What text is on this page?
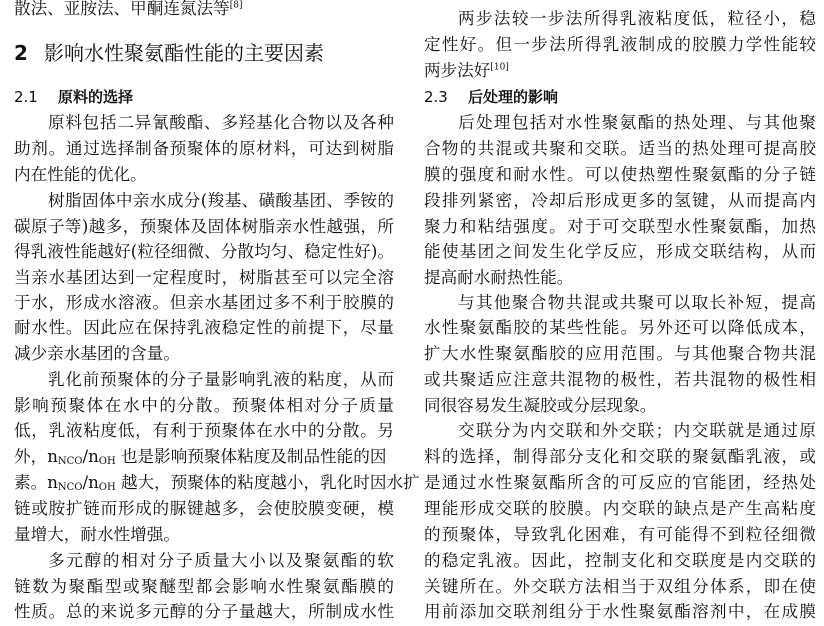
散法、亚胺法、甲酮连氮法等[8]
2 影响水性聚氨酯性能的主要因素
2.1 原料的选择
原料包括二异氰酸酯、多羟基化合物以及各种
助剂。通过选择制备预聚体的原材料，可达到树脂
内在性能的优化。
树脂固体中亲水成分(羧基、磺酸基团、季铵的
碳原子等)越多，预聚体及固体树脂亲水性越强，所
得乳液性能越好(粒径细微、分散均匀、稳定性好)。
当亲水基团达到一定程度时，树脂甚至可以完全溶
于水，形成水溶液。但亲水基团过多不利于胶膜的
耐水性。因此应在保持乳液稳定性的前提下，尽量
减少亲水基团的含量。
乳化前预聚体的分子量影响乳液的粘度，从而
影响预聚体在水中的分散。预聚体相对分子质量
低，乳液粘度低，有利于预聚体在水中的分散。另
外，$n_{NCO}/n_{OH}$ 也是影响预聚体粘度及制品性能的因
素。$n_{NCO}/n_{OH}$ 越大，预聚体的粘度越小，乳化时因水扩
链或胺扩链而形成的脲键越多，会使胶膜变硬，模
量增大，耐水性增强。
多元醇的相对分子质量大小以及聚氨酯的软
链数为聚酯型或聚醚型都会影响水性聚氨酯膜的
性质。总的来说多元醇的分子量越大，所制成水性
两步法较一步法所得乳液粘度低，粒径小，稳
定性好。但一步法所得乳液制成的胶膜力学性能较
两步法好[10]
2.3 后处理的影响
后处理包括对水性聚氨酯的热处理、与其他聚
合物的共混或共聚和交联。适当的热处理可提高胶
膜的强度和耐水性。可以使热塑性聚氨酯的分子链
段排列紧密，冷却后形成更多的氢键，从而提高内
聚力和粘结强度。对于可交联型水性聚氨酯，加热
能使基团之间发生化学反应，形成交联结构，从而
提高耐水耐热性能。
与其他聚合物共混或共聚可以取长补短，提高
水性聚氨酯胶的某些性能。另外还可以降低成本，
扩大水性聚氨酯胶的应用范围。与其他聚合物共混
或共聚适应注意共混物的极性，若共混物的极性相
同很容易发生凝胶或分层现象。
交联分为内交联和外交联；内交联就是通过原
料的选择，制得部分支化和交联的聚氨酯乳液，或
是通过水性聚氨酯所含的可反应的官能团，经热处
理能形成交联的胶膜。内交联的缺点是产生高粘度
的预聚体，导致乳化困难，有可能得不到粒径细微
的稳定乳液。因此，控制支化和交联度是内交联的
关键所在。外交联方法相当于双组分体系，即在使
用前添加交联剂组分于水性聚氨酯溶剂中，在成膜
